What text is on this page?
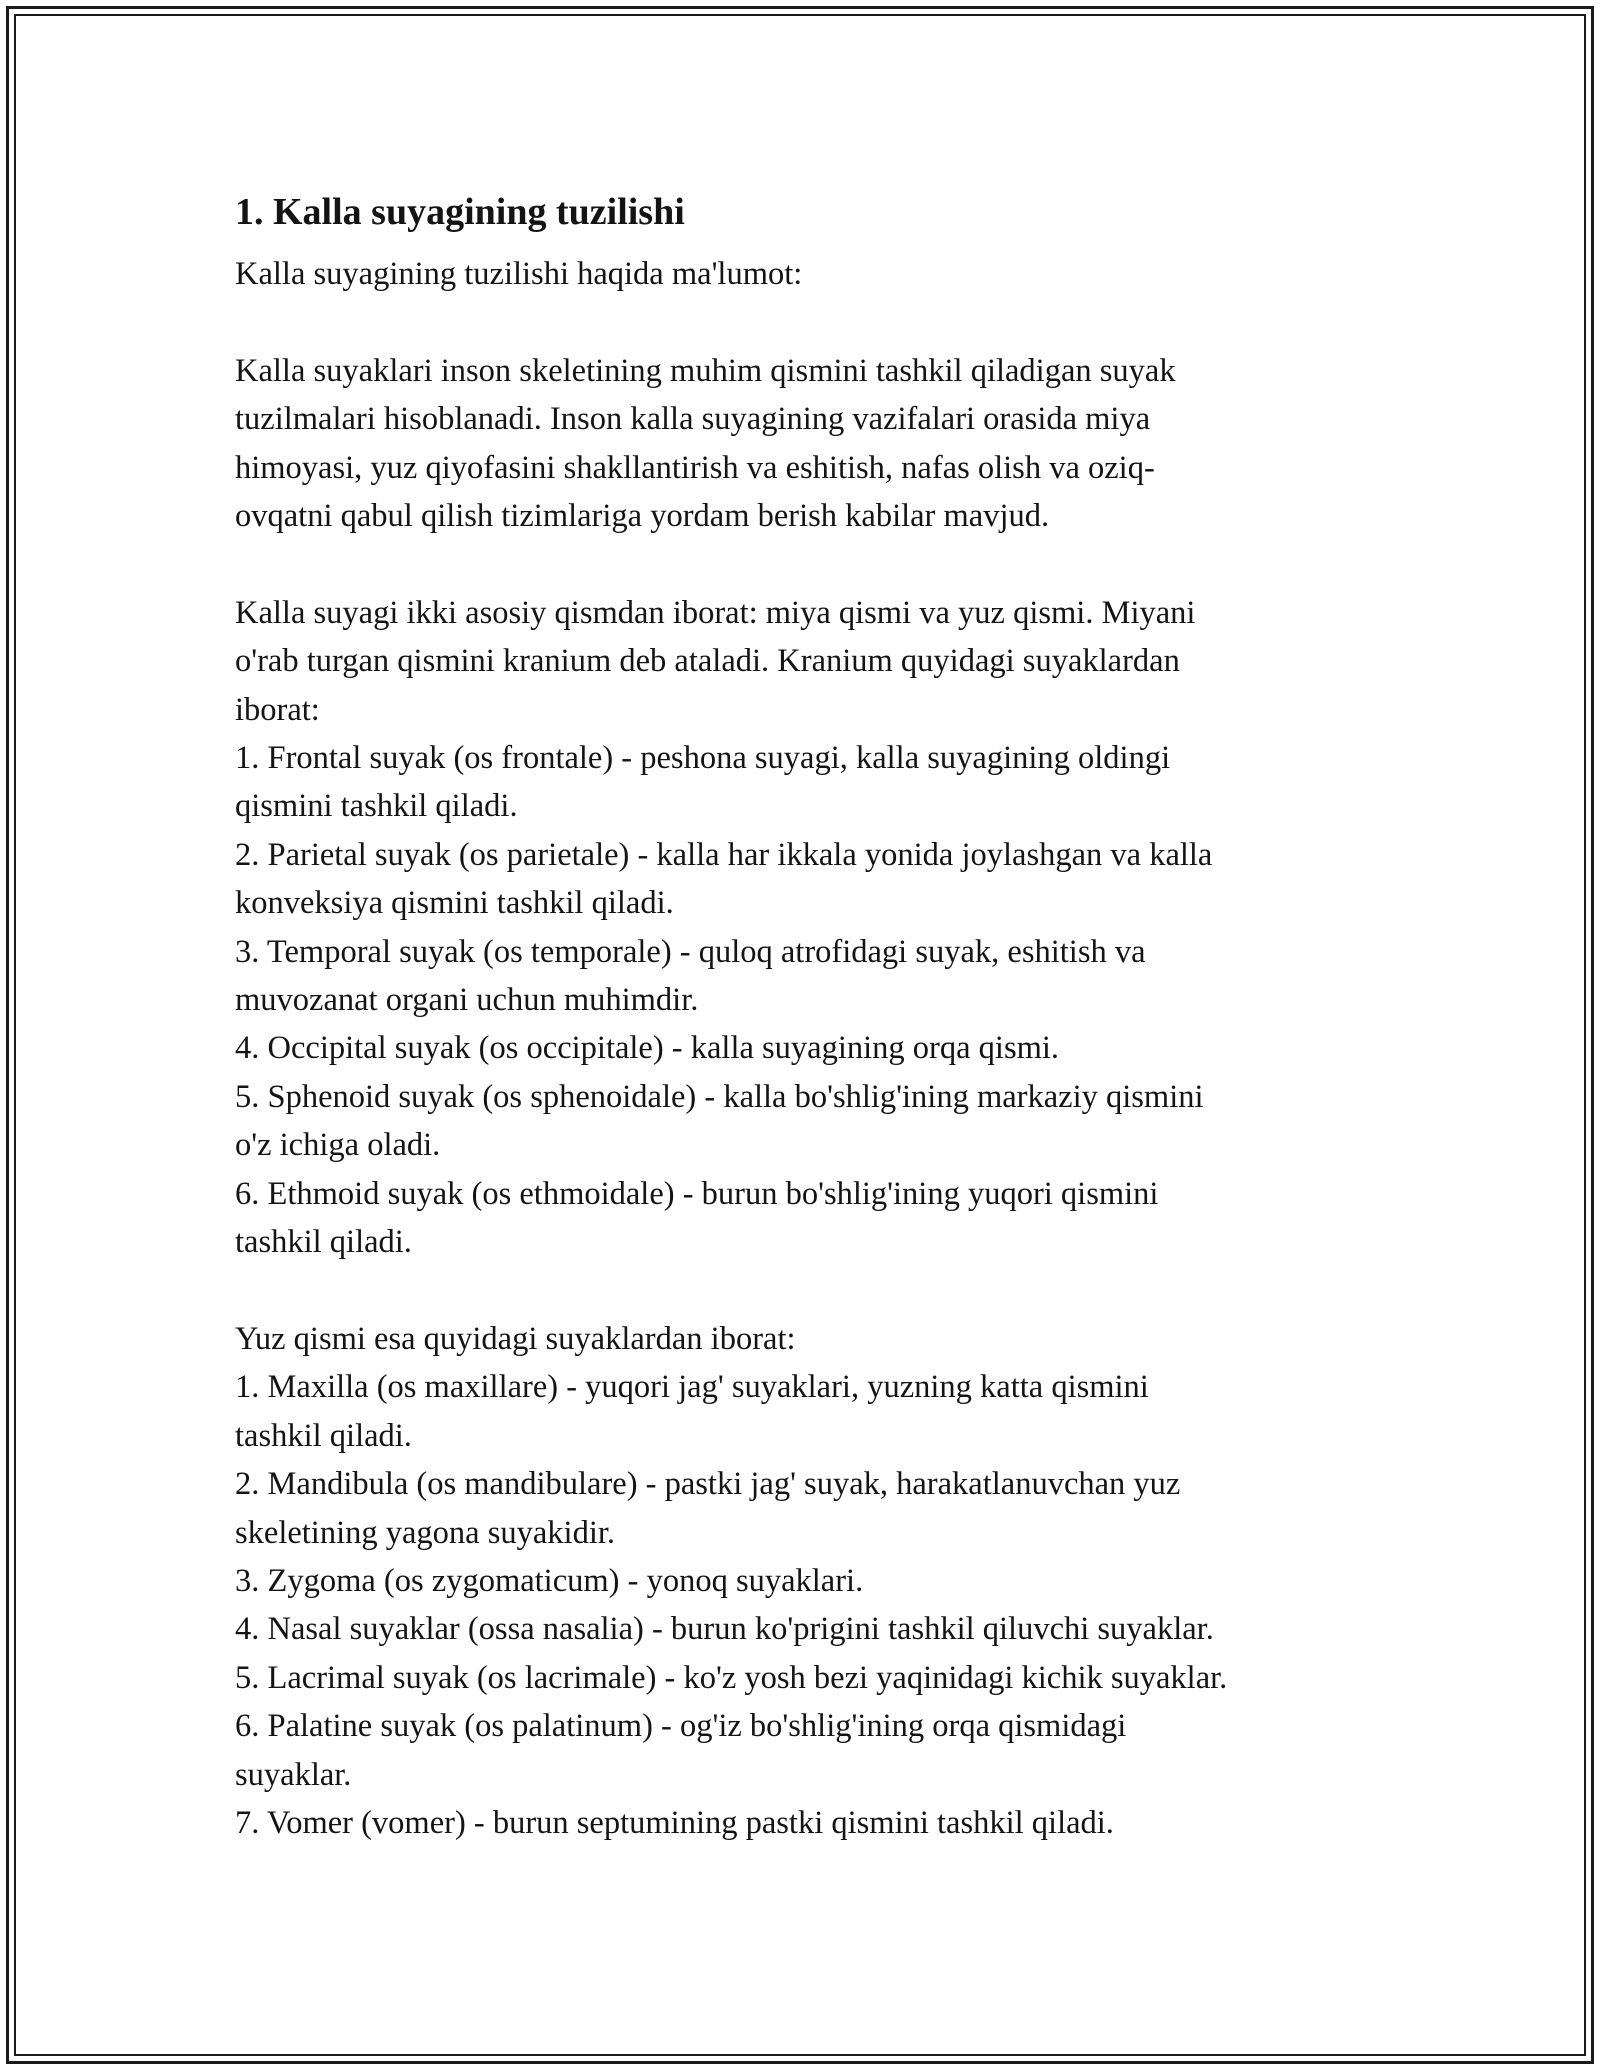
1. Kalla suyagining tuzilishi
Kalla suyagining tuzilishi haqida ma'lumot:
Kalla suyaklari inson skeletining muhim qismini tashkil qiladigan suyak
tuzilmalari hisoblanadi. Inson kalla suyagining vazifalari orasida miya
himoyasi, yuz qiyofasini shakllantirish va eshitish, nafas olish va oziq-
ovqatni qabul qilish tizimlariga yordam berish kabilar mavjud.
Kalla suyagi ikki asosiy qismdan iborat: miya qismi va yuz qismi. Miyani
o'rab turgan qismini kranium deb ataladi. Kranium quyidagi suyaklardan
iborat:
1. Frontal suyak (os frontale) - peshona suyagi, kalla suyagining oldingi
qismini tashkil qiladi.
2. Parietal suyak (os parietale) - kalla har ikkala yonida joylashgan va kalla
konveksiya qismini tashkil qiladi.
3. Temporal suyak (os temporale) - quloq atrofidagi suyak, eshitish va
muvozanat organi uchun muhimdir.
4. Occipital suyak (os occipitale) - kalla suyagining orqa qismi.
5. Sphenoid suyak (os sphenoidale) - kalla bo'shlig'ining markaziy qismini
o'z ichiga oladi.
6. Ethmoid suyak (os ethmoidale) - burun bo'shlig'ining yuqori qismini
tashkil qiladi.
Yuz qismi esa quyidagi suyaklardan iborat:
1. Maxilla (os maxillare) - yuqori jag' suyaklari, yuzning katta qismini
tashkil qiladi.
2. Mandibula (os mandibulare) - pastki jag' suyak, harakatlanuvchan yuz
skeletining yagona suyakidir.
3. Zygoma (os zygomaticum) - yonoq suyaklari.
4. Nasal suyaklar (ossa nasalia) - burun ko'prigini tashkil qiluvchi suyaklar.
5. Lacrimal suyak (os lacrimale) - ko'z yosh bezi yaqinidagi kichik suyaklar.
6. Palatine suyak (os palatinum) - og'iz bo'shlig'ining orqa qismidagi
suyaklar.
7. Vomer (vomer) - burun septumining pastki qismini tashkil qiladi.
